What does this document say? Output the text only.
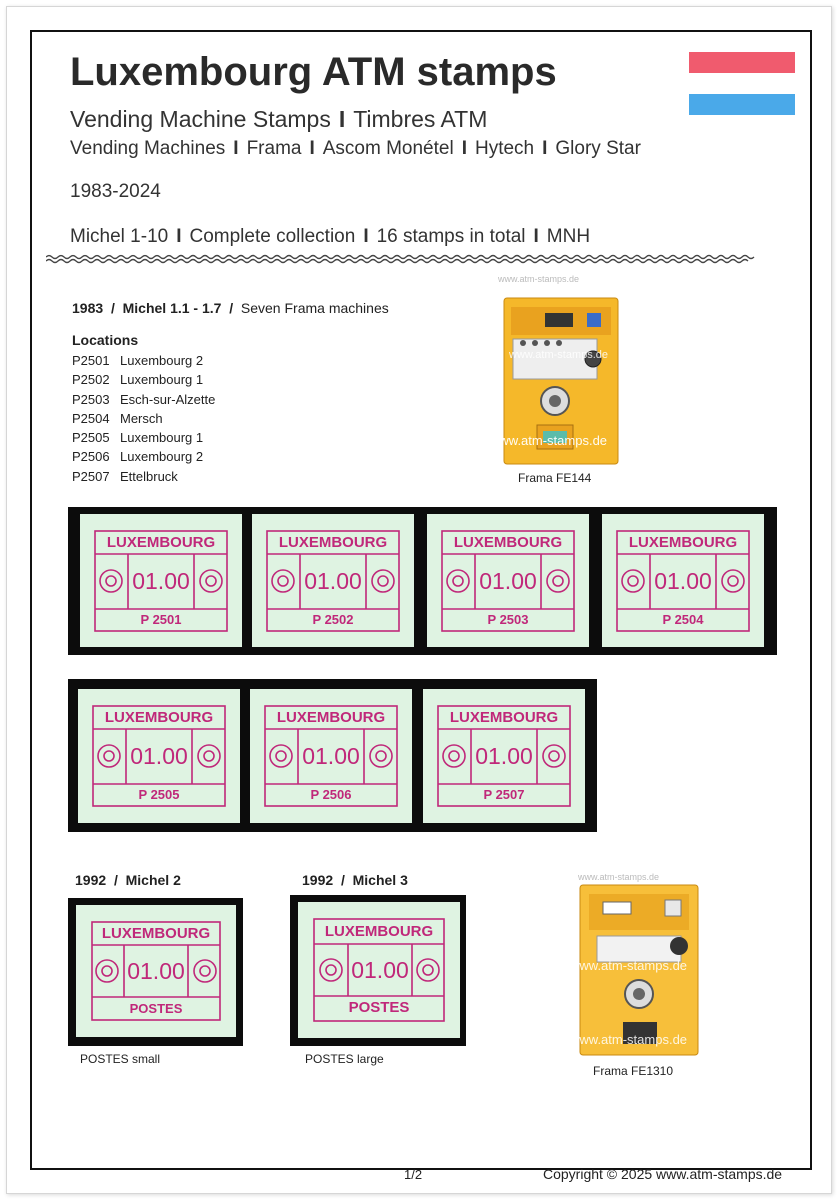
Luxembourg ATM stamps
Vending Machine Stamps I Timbres ATM
Vending Machines I Frama I Ascom Monétel I Hytech I Glory Star
1983-2024
Michel 1-10 I Complete collection I 16 stamps in total I MNH
1983 / Michel 1.1 - 1.7 / Seven Frama machines
Locations
P2501 Luxembourg 2
P2502 Luxembourg 1
P2503 Esch-sur-Alzette
P2504 Mersch
P2505 Luxembourg 1
P2506 Luxembourg 2
P2507 Ettelbruck
www.atm-stamps.de
www.atm-stamps.de
www.atm-stamps.de
Frama FE144
LUXEMBOURG
01.00
P 2501
LUXEMBOURG
01.00
P 2502
LUXEMBOURG
01.00
P 2503
LUXEMBOURG
01.00
P 2504
LUXEMBOURG
01.00
P 2505
LUXEMBOURG
01.00
P 2506
LUXEMBOURG
01.00
P 2507
1992 / Michel 2	1992 / Michel 3
LUXEMBOURG
01.00
POSTES
LUXEMBOURG
01.00
POSTES
POSTES small	POSTES large
www.atm-stamps.de
www.atm-stamps.de
www.atm-stamps.de
Frama FE1310
1/2	Copyright © 2025 www.atm-stamps.de
